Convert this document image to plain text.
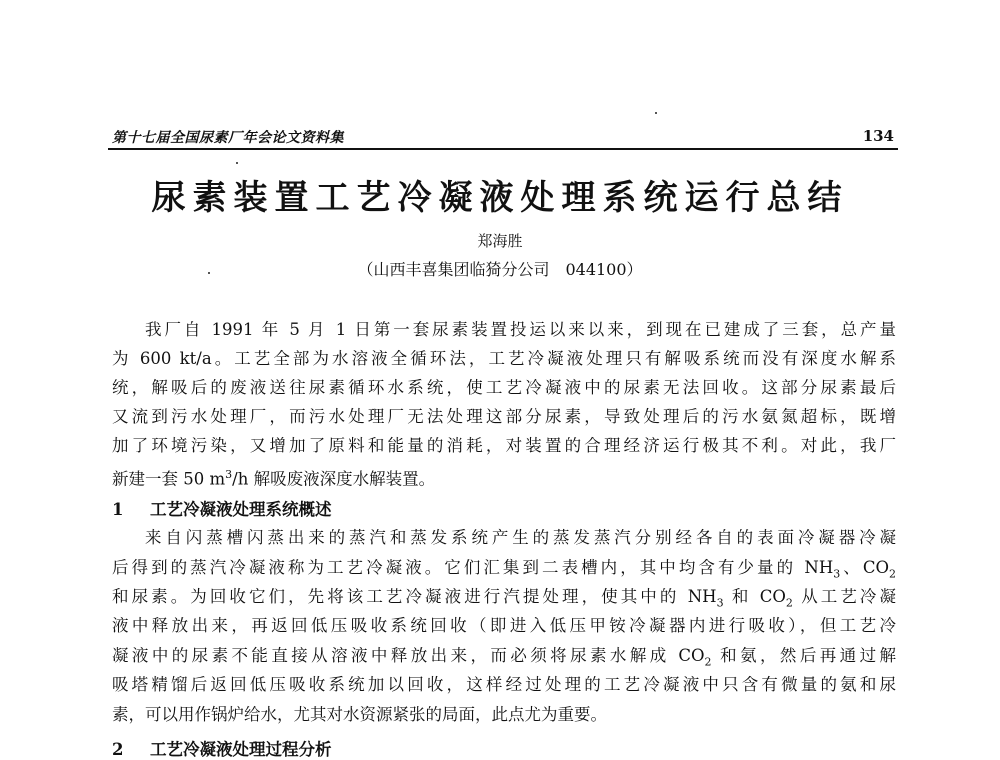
第十七届全国尿素厂年会论文资料集	134
尿素装置工艺冷凝液处理系统运行总结
郑海胜
（山西丰喜集团临猗分公司　044100）
我厂自 1991 年 5 月 1 日第一套尿素装置投运以来以来，到现在已建成了三套，总产量
为 600 kt/a。工艺全部为水溶液全循环法，工艺冷凝液处理只有解吸系统而没有深度水解系
统，解吸后的废液送往尿素循环水系统，使工艺冷凝液中的尿素无法回收。这部分尿素最后
又流到污水处理厂，而污水处理厂无法处理这部分尿素，导致处理后的污水氨氮超标，既增
加了环境污染，又增加了原料和能量的消耗，对装置的合理经济运行极其不利。对此，我厂
新建一套 50 $m^3/h$ 解吸废液深度水解装置。
1 工艺冷凝液处理系统概述
来自闪蒸槽闪蒸出来的蒸汽和蒸发系统产生的蒸发蒸汽分别经各自的表面冷凝器冷凝
后得到的蒸汽冷凝液称为工艺冷凝液。它们汇集到二表槽内，其中均含有少量的 $NH_3$、$CO_2$
和尿素。为回收它们，先将该工艺冷凝液进行汽提处理，使其中的 $NH_3$ 和 $CO_2$ 从工艺冷凝
液中释放出来，再返回低压吸收系统回收（即进入低压甲铵冷凝器内进行吸收），但工艺冷
凝液中的尿素不能直接从溶液中释放出来，而必须将尿素水解成 $CO_2$ 和氨，然后再通过解
吸塔精馏后返回低压吸收系统加以回收，这样经过处理的工艺冷凝液中只含有微量的氨和尿
素，可以用作锅炉给水，尤其对水资源紧张的局面，此点尤为重要。
2 工艺冷凝液处理过程分析
